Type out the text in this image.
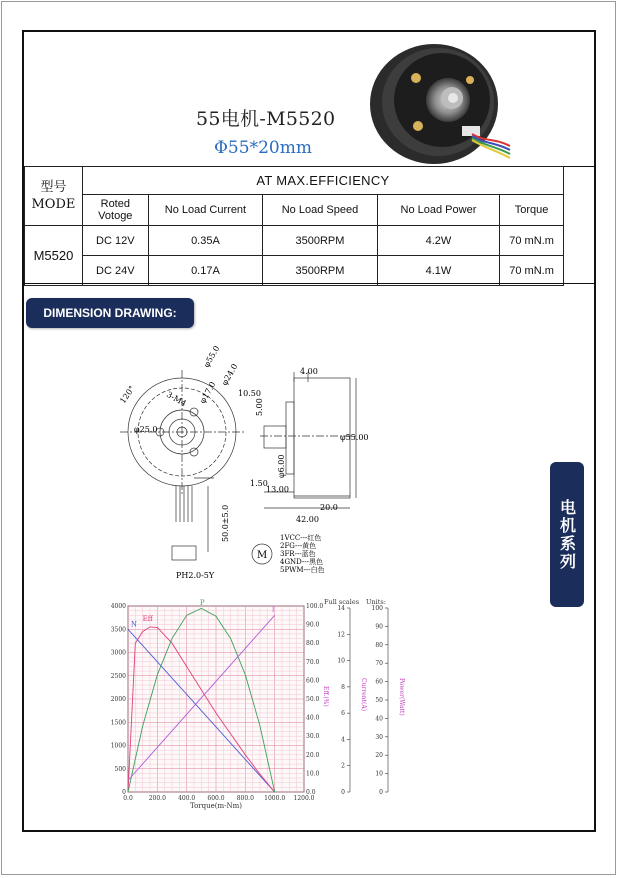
55电机-M5520
Φ55*20mm
型号
MODE	AT MAX.EFFICIENCY				
	Roted Votoge	No Load Current	No Load Speed	No Load Power	Torque
M5520	DC 12V	0.35A	3500RPM	4.2W	70 mN.m
	DC 24V	0.17A	3500RPM	4.1W	70 mN.m
DIMENSION DRAWING:
电机系列
φ55.0
φ24.0
φ17.0
3-M4
120°
φ25.0
4.00
10.50
5.00
φ6.00
1.50
13.00
20.0
42.00
φ55.00
50.0±5.0
PH2.0-5Y
M
1VCC---红色
2FG---黄色
3FR---蓝色
4GND---黑色
5PWM---白色
0
500
1000
1500
2000
2500
3000
3500
4000
0.0
10.0
20.0
30.0
40.0
50.0
60.0
70.0
80.0
90.0
100.0
0.0	200.0 400.0 600.0 800.0 1000.0 1200.0
Torque(m-Nm)
Eff.(%)
N
Eff
P
I
Full scales Units:
0
2
4
6
8
10
12
14
Current(A)
0
10
20
30
40
50
60
70
80
90
100
Power(Watt)
